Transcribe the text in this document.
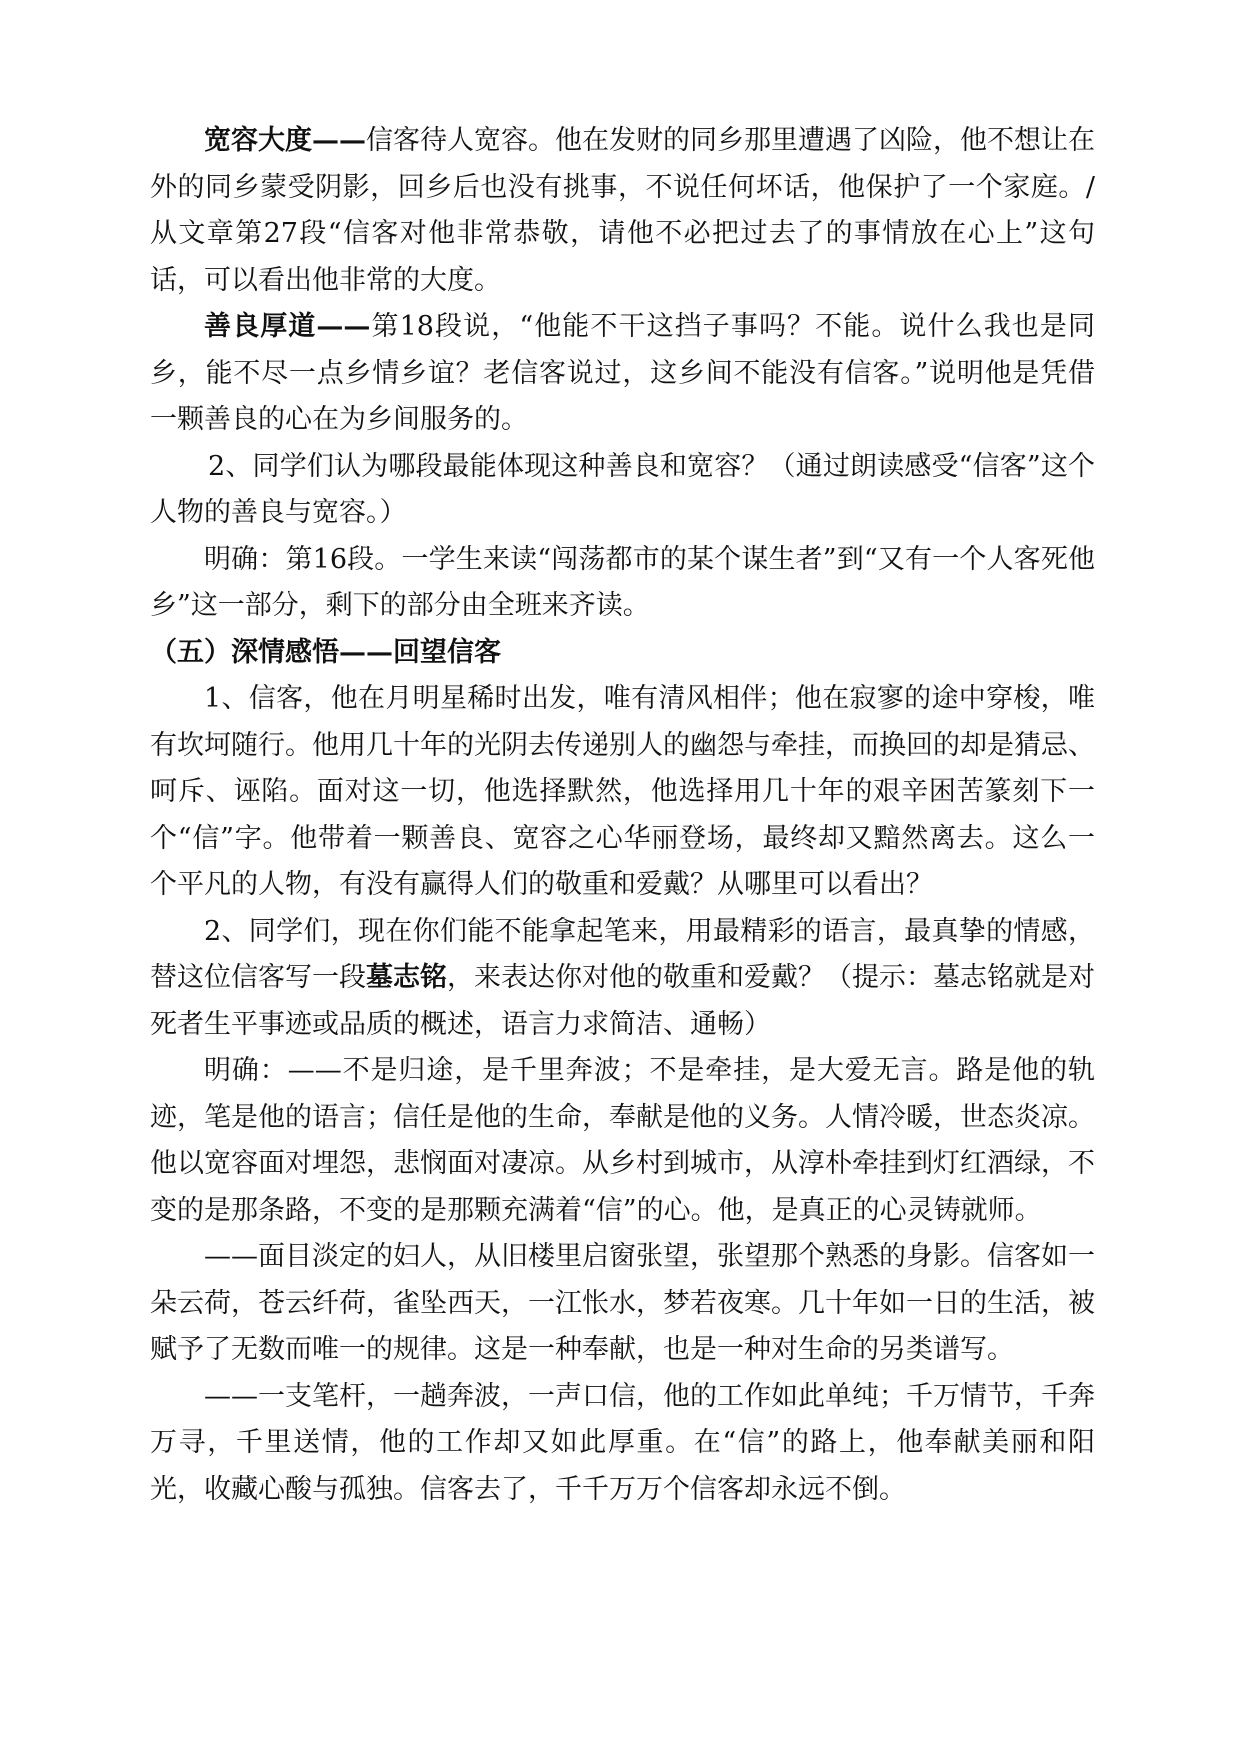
宽容大度——信客待人宽容。他在发财的同乡那里遭遇了凶险，他不想让在外的同乡蒙受阴影，回乡后也没有挑事，不说任何坏话，他保护了一个家庭。/从文章第27段“信客对他非常恭敬，请他不必把过去了的事情放在心上”这句话，可以看出他非常的大度。

善良厚道——第18段说，“他能不干这挡子事吗？不能。说什么我也是同乡，能不尽一点乡情乡谊？老信客说过，这乡间不能没有信客。”说明他是凭借一颗善良的心在为乡间服务的。

2、同学们认为哪段最能体现这种善良和宽容？（通过朗读感受“信客”这个人物的善良与宽容。）

明确：第16段。一学生来读“闯荡都市的某个谋生者”到“又有一个人客死他乡”这一部分，剩下的部分由全班来齐读。

（五）深情感悟——回望信客

1、信客，他在月明星稀时出发，唯有清风相伴；他在寂寥的途中穿梭，唯有坎坷随行。他用几十年的光阴去传递别人的幽怨与牵挂，而换回的却是猜忌、呵斥、诬陷。面对这一切，他选择默然，他选择用几十年的艰辛困苦篆刻下一个“信”字。他带着一颗善良、宽容之心华丽登场，最终却又黯然离去。这么一个平凡的人物，有没有赢得人们的敬重和爱戴？从哪里可以看出？

2、同学们，现在你们能不能拿起笔来，用最精彩的语言，最真挚的情感，替这位信客写一段墓志铭，来表达你对他的敬重和爱戴？（提示：墓志铭就是对死者生平事迹或品质的概述，语言力求简洁、通畅）

明确：——不是归途，是千里奔波；不是牵挂，是大爱无言。路是他的轨迹，笔是他的语言；信任是他的生命，奉献是他的义务。人情冷暖，世态炎凉。他以宽容面对埋怨，悲悯面对凄凉。从乡村到城市，从淳朴牵挂到灯红酒绿，不变的是那条路，不变的是那颗充满着“信”的心。他，是真正的心灵铸就师。

——面目淡定的妇人，从旧楼里启窗张望，张望那个熟悉的身影。信客如一朵云荷，苍云纤荷，雀坠西天，一江怅水，梦若夜寒。几十年如一日的生活，被赋予了无数而唯一的规律。这是一种奉献，也是一种对生命的另类谱写。

——一支笔杆，一趟奔波，一声口信，他的工作如此单纯；千万情节，千奔万寻，千里送情，他的工作却又如此厚重。在“信”的路上，他奉献美丽和阳光，收藏心酸与孤独。信客去了，千千万万个信客却永远不倒。
